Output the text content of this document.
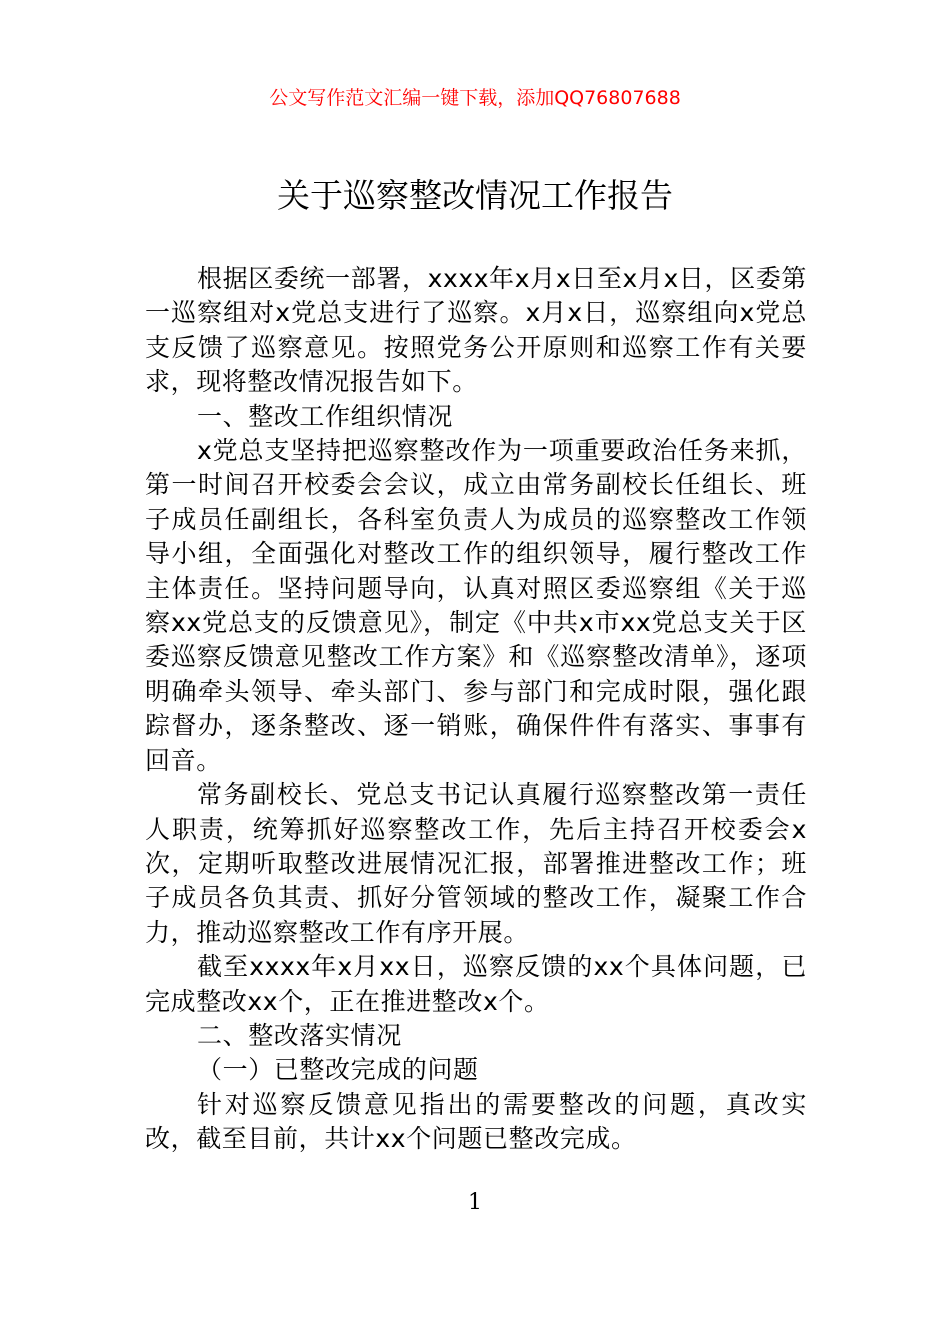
公文写作范文汇编一键下载，添加QQ76807688
关于巡察整改情况工作报告

根据区委统一部署，xxxx年x月x日至x月x日，区委第一巡察组对x党总支进行了巡察。x月x日，巡察组向x党总支反馈了巡察意见。按照党务公开原则和巡察工作有关要求，现将整改情况报告如下。

一、整改工作组织情况

x党总支坚持把巡察整改作为一项重要政治任务来抓，第一时间召开校委会会议，成立由常务副校长任组长、班子成员任副组长，各科室负责人为成员的巡察整改工作领导小组，全面强化对整改工作的组织领导，履行整改工作主体责任。坚持问题导向，认真对照区委巡察组《关于巡察xx党总支的反馈意见》，制定《中共x市xx党总支关于区委巡察反馈意见整改工作方案》和《巡察整改清单》，逐项明确牵头领导、牵头部门、参与部门和完成时限，强化跟踪督办，逐条整改、逐一销账，确保件件有落实、事事有回音。

常务副校长、党总支书记认真履行巡察整改第一责任人职责，统筹抓好巡察整改工作，先后主持召开校委会x次，定期听取整改进展情况汇报，部署推进整改工作；班子成员各负其责、抓好分管领域的整改工作，凝聚工作合力，推动巡察整改工作有序开展。

截至xxxx年x月xx日，巡察反馈的xx个具体问题，已完成整改xx个，正在推进整改x个。

二、整改落实情况

（一）已整改完成的问题

针对巡察反馈意见指出的需要整改的问题，真改实改，截至目前，共计xx个问题已整改完成。

1
